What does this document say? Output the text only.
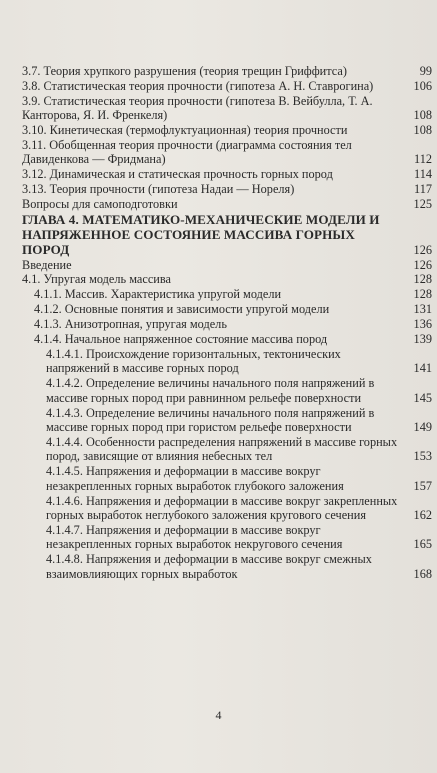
3.7. Теория хрупкого разрушения (теория трещин Гриффитса)	99
3.8. Статистическая теория прочности (гипотеза А. Н. Ставрогина)	106
3.9. Статистическая теория прочности (гипотеза В. Вейбулла, Т. А. Канторова, Я. И. Френкеля)	108
3.10. Кинетическая (термофлуктуационная) теория прочности	108
3.11. Обобщенная теория прочности (диаграмма состояния тел Давиденкова — Фридмана)	112
3.12. Динамическая и статическая прочность горных пород	114
3.13. Теория прочности (гипотеза Надаи — Нореля)	117
Вопросы для самоподготовки	125
ГЛАВА 4. МАТЕМАТИКО-МЕХАНИЧЕСКИЕ МОДЕЛИ И НАПРЯЖЕННОЕ СОСТОЯНИЕ МАССИВА ГОРНЫХ ПОРОД	126
Введение	126
4.1. Упругая модель массива	128
4.1.1. Массив. Характеристика упругой модели	128
4.1.2. Основные понятия и зависимости упругой модели	131
4.1.3. Анизотропная, упругая модель	136
4.1.4. Начальное напряженное состояние массива пород	139
4.1.4.1. Происхождение горизонтальных, тектонических напряжений в массиве горных пород	141
4.1.4.2. Определение величины начального поля напряжений в массиве горных пород при равнинном рельефе поверхности	145
4.1.4.3. Определение величины начального поля напряжений в массиве горных пород при гористом рельефе поверхности	149
4.1.4.4. Особенности распределения напряжений в массиве горных пород, зависящие от влияния небесных тел	153
4.1.4.5. Напряжения и деформации в массиве вокруг незакрепленных горных выработок глубокого заложения	157
4.1.4.6. Напряжения и деформации в массиве вокруг закрепленных горных выработок неглубокого заложения кругового сечения	162
4.1.4.7. Напряжения и деформации в массиве вокруг незакрепленных горных выработок некругового сечения	165
4.1.4.8. Напряжения и деформации в массиве вокруг смежных взаимовлияющих горных выработок	168
4
